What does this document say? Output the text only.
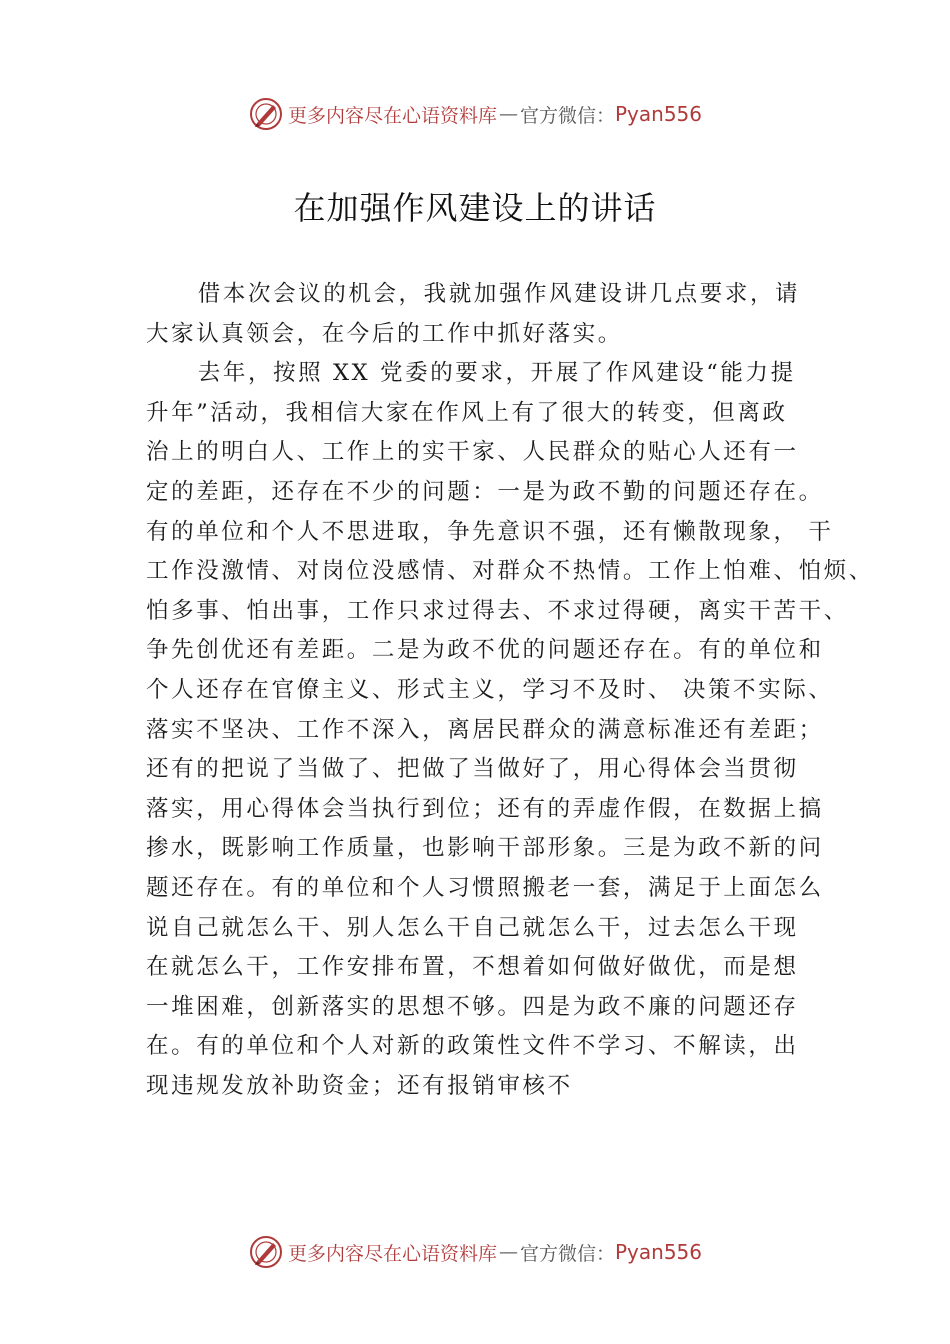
更多内容尽在心语资料库 — 官方微信： Pyan556
在加强作风建设上的讲话
借本次会议的机会，我就加强作风建设讲几点要求，请
大家认真领会，在今后的工作中抓好落实。
去年，按照 XX 党委的要求，开展了作风建设“能力提
升年”活动，我相信大家在作风上有了很大的转变，但离政
治上的明白人、工作上的实干家、人民群众的贴心人还有一
定的差距，还存在不少的问题：一是为政不勤的问题还存在。
有的单位和个人不思进取，争先意识不强，还有懒散现象， 干
工作没激情、对岗位没感情、对群众不热情。工作上怕难、怕烦、
怕多事、怕出事，工作只求过得去、不求过得硬，离实干苦干、
争先创优还有差距。二是为政不优的问题还存在。有的单位和
个人还存在官僚主义、形式主义，学习不及时、 决策不实际、
落实不坚决、工作不深入，离居民群众的满意标准还有差距；
还有的把说了当做了、把做了当做好了，用心得体会当贯彻
落实，用心得体会当执行到位；还有的弄虚作假，在数据上搞
掺水，既影响工作质量，也影响干部形象。三是为政不新的问
题还存在。有的单位和个人习惯照搬老一套，满足于上面怎么
说自己就怎么干、别人怎么干自己就怎么干，过去怎么干现
在就怎么干，工作安排布置，不想着如何做好做优，而是想
一堆困难，创新落实的思想不够。四是为政不廉的问题还存
在。有的单位和个人对新的政策性文件不学习、不解读，出
现违规发放补助资金；还有报销审核不
更多内容尽在心语资料库 — 官方微信： Pyan556
